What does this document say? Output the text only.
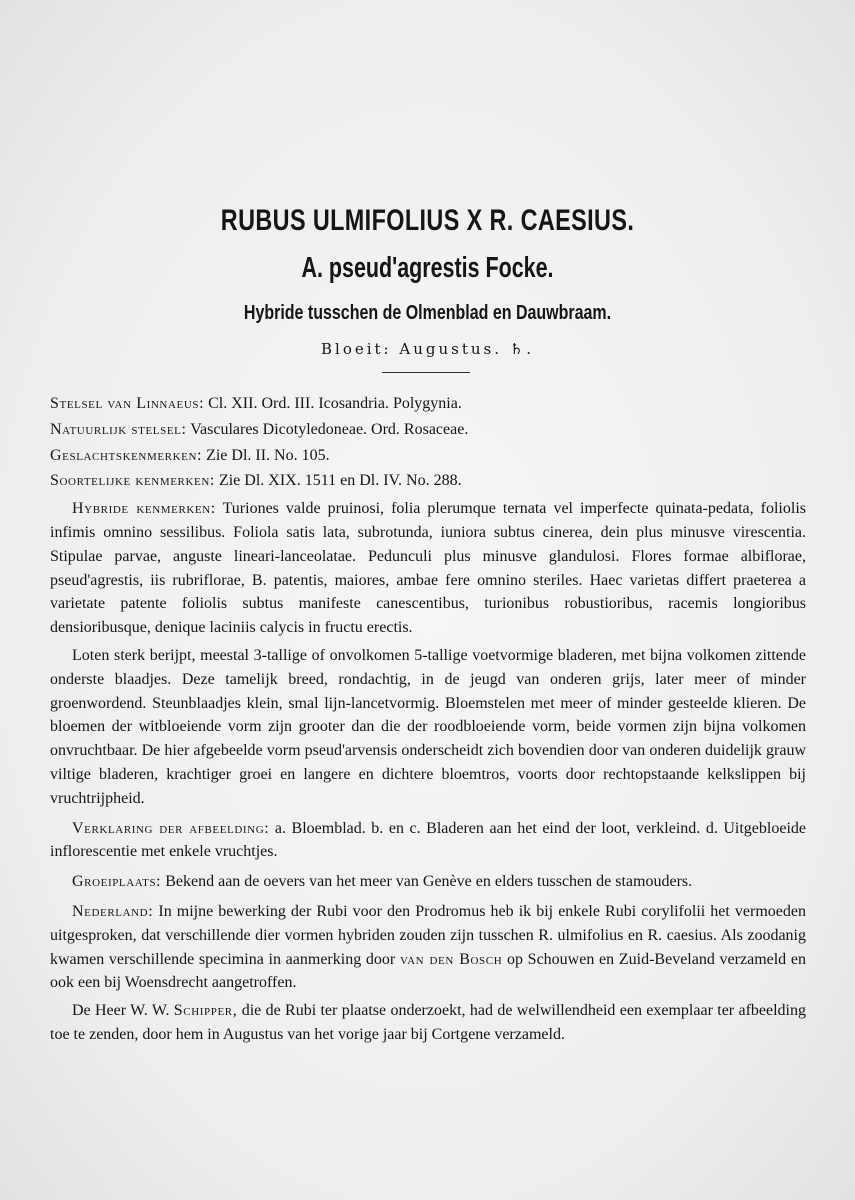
RUBUS ULMIFOLIUS X R. CAESIUS.
A. pseud'agrestis Focke.
Hybride tusschen de Olmenblad en Dauwbraam.
Bloeit: Augustus. ♄.
Stelsel van Linnaeus: Cl. XII. Ord. III. Icosandria. Polygynia.
Natuurlijk stelsel: Vasculares Dicotyledoneae. Ord. Rosaceae.
Geslachtskenmerken: Zie Dl. II. No. 105.
Soortelijke kenmerken: Zie Dl. XIX. 1511 en Dl. IV. No. 288.

Hybride kenmerken: Turiones valde pruinosi, folia plerumque ternata vel imperfecte quinata-pedata, foliolis infimis omnino sessilibus. Foliola satis lata, subrotunda, iuniora subtus cinerea, dein plus minusve virescentia. Stipulae parvae, anguste lineari-lanceolatae. Pedunculi plus minusve glandulosi. Flores formae albiflorae, pseud'agrestis, iis rubriflorae, B. patentis, maiores, ambae fere omnino steriles. Haec varietas differt praeterea a varietate patente foliolis subtus manifeste canescentibus, turionibus robustioribus, racemis longioribus densioribusque, denique laciniis calycis in fructu erectis.

Loten sterk berijpt, meestal 3-tallige of onvolkomen 5-tallige voetvormige bladeren, met bijna volkomen zittende onderste blaadjes. Deze tamelijk breed, rondachtig, in de jeugd van onderen grijs, later meer of minder groenwordend. Steunblaadjes klein, smal lijn-lancetvormig. Bloemstelen met meer of minder gesteelde klieren. De bloemen der witbloeiende vorm zijn grooter dan die der roodbloeiende vorm, beide vormen zijn bijna volkomen onvruchtbaar. De hier afgebeelde vorm pseud'arvensis onderscheidt zich bovendien door van onderen duidelijk grauw viltige bladeren, krachtiger groei en langere en dichtere bloemtros, voorts door rechtopstaande kelkslippen bij vruchtrijpheid.

Verklaring der afbeelding: a. Bloemblad. b. en c. Bladeren aan het eind der loot, verkleind. d. Uitgebloeide inflorescentie met enkele vruchtjes.

Groeiplaats: Bekend aan de oevers van het meer van Genève en elders tusschen de stamouders.

Nederland: In mijne bewerking der Rubi voor den Prodromus heb ik bij enkele Rubi corylifolii het vermoeden uitgesproken, dat verschillende dier vormen hybriden zouden zijn tusschen R. ulmifolius en R. caesius. Als zoodanig kwamen verschillende specimina in aanmerking door van den Bosch op Schouwen en Zuid-Beveland verzameld en ook een bij Woensdrecht aangetroffen.

De Heer W. W. Schipper, die de Rubi ter plaatse onderzoekt, had de welwillendheid een exemplaar ter afbeelding toe te zenden, door hem in Augustus van het vorige jaar bij Cortgene verzameld.
